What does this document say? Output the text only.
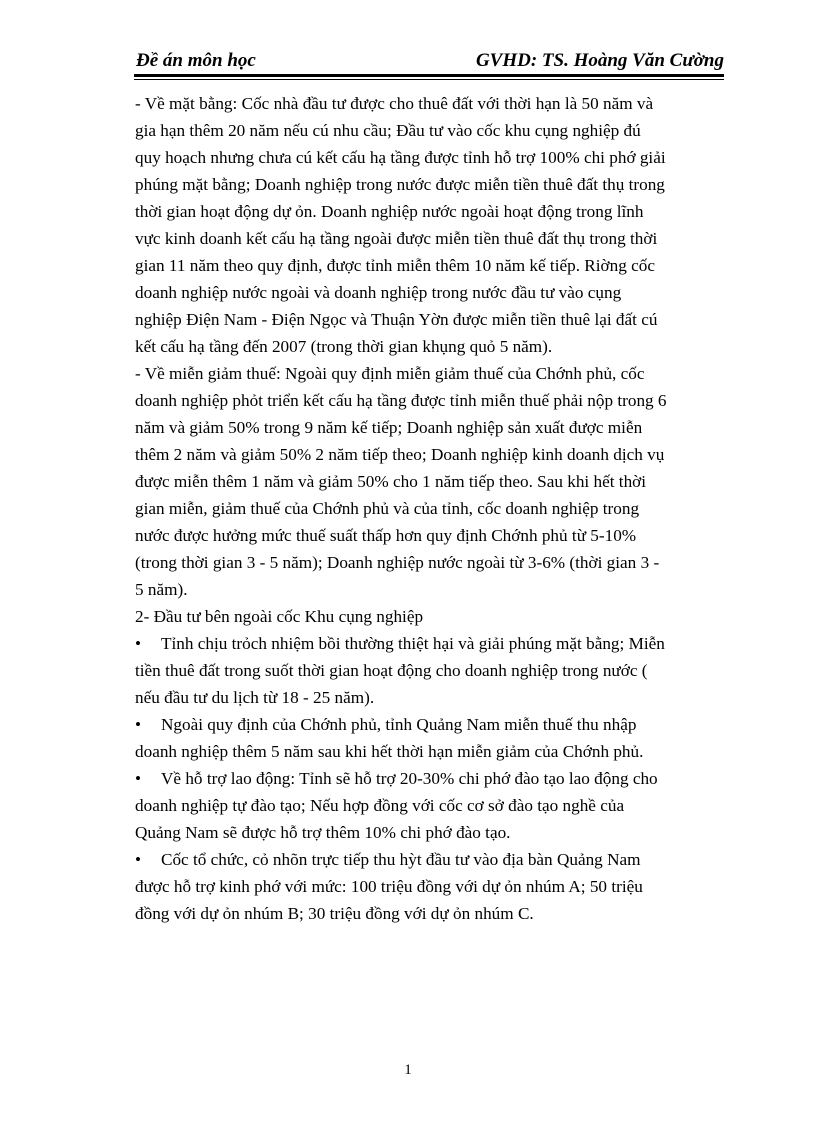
Đề án môn học	GVHD: TS. Hoàng Văn Cường
- Về mặt bằng: Cốc nhà đầu tư được cho thuê đất với thời hạn là 50 năm và
gia hạn thêm 20 năm nếu cú nhu cầu; Đầu tư vào cốc khu cụng nghiệp đú
quy hoạch nhưng chưa cú kết cấu hạ tầng được tỉnh hỗ trợ 100% chi phớ giải
phúng mặt bằng; Doanh nghiệp trong nước được miễn tiền thuê đất thụ trong
thời gian hoạt động dự ỏn. Doanh nghiệp nước ngoài hoạt động trong lĩnh
vực kinh doanh kết cấu hạ tầng ngoài được miễn tiền thuê đất thụ trong thời
gian 11 năm theo quy định, được tỉnh miễn thêm 10 năm kế tiếp. Riờng cốc
doanh nghiệp nước ngoài và doanh nghiệp trong nước đầu tư vào cụng
nghiệp Điện Nam - Điện Ngọc và Thuận Yờn được miễn tiền thuê lại đất cú
kết cấu hạ tầng đến 2007 (trong thời gian khụng quỏ 5 năm).
- Về miễn giảm thuế: Ngoài quy định miễn giảm thuế của Chớnh phủ, cốc
doanh nghiệp phỏt triển kết cấu hạ tầng được tỉnh miễn thuế phải nộp trong 6
năm và giảm 50% trong 9 năm kế tiếp; Doanh nghiệp sản xuất được miễn
thêm 2 năm và giảm 50% 2 năm tiếp theo; Doanh nghiệp kinh doanh dịch vụ
được miễn thêm 1 năm và giảm 50% cho 1 năm tiếp theo. Sau khi hết thời
gian miễn, giảm thuế của Chớnh phủ và của tỉnh, cốc doanh nghiệp trong
nước được hưởng mức thuế suất thấp hơn quy định Chớnh phủ từ 5-10%
(trong thời gian 3 - 5 năm); Doanh nghiệp nước ngoài từ 3-6% (thời gian 3 -
5 năm).
2- Đầu tư bên ngoài cốc Khu cụng nghiệp
• Tỉnh chịu trỏch nhiệm bồi thường thiệt hại và giải phúng mặt bằng; Miễn
tiền thuê đất trong suốt thời gian hoạt động cho doanh nghiệp trong nước (
nếu đầu tư du lịch từ 18 - 25 năm).
• Ngoài quy định của Chớnh phủ, tỉnh Quảng Nam miễn thuế thu nhập
doanh nghiệp thêm 5 năm sau khi hết thời hạn miễn giảm của Chớnh phủ.
• Về hỗ trợ lao động: Tỉnh sẽ hỗ trợ 20-30% chi phớ đào tạo lao động cho
doanh nghiệp tự đào tạo; Nếu hợp đồng với cốc cơ sở đào tạo nghề của
Quảng Nam sẽ được hỗ trợ thêm 10% chi phớ đào tạo.
• Cốc tổ chức, cỏ nhõn trực tiếp thu hỳt đầu tư vào địa bàn Quảng Nam
được hỗ trợ kinh phớ với mức: 100 triệu đồng với dự ỏn nhúm A; 50 triệu
đồng với dự ỏn nhúm B; 30 triệu đồng với dự ỏn nhúm C.
1
